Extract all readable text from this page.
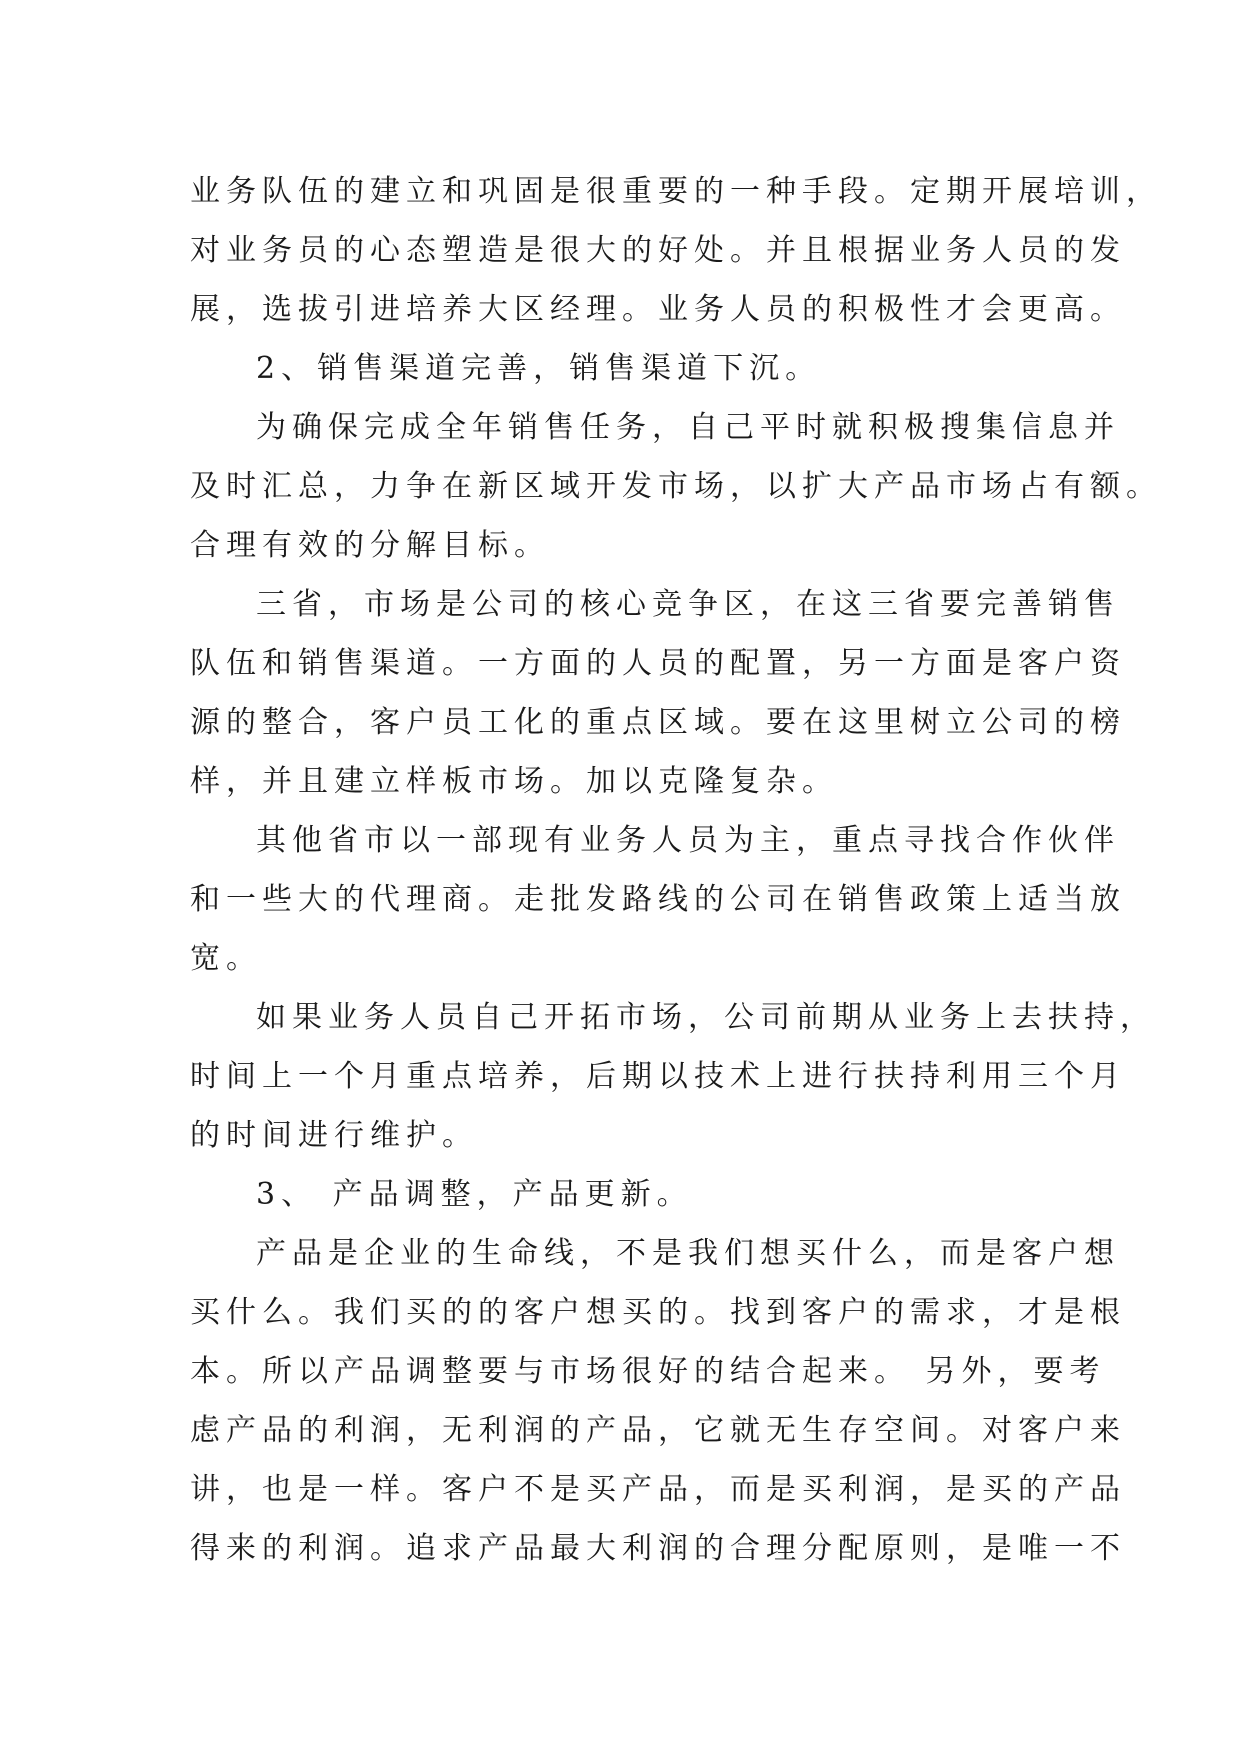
业务队伍的建立和巩固是很重要的一种手段。定期开展培训，
对业务员的心态塑造是很大的好处。并且根据业务人员的发
展，选拔引进培养大区经理。业务人员的积极性才会更高。
2、销售渠道完善，销售渠道下沉。
为确保完成全年销售任务，自己平时就积极搜集信息并
及时汇总，力争在新区域开发市场，以扩大产品市场占有额。
合理有效的分解目标。
三省，市场是公司的核心竞争区，在这三省要完善销售
队伍和销售渠道。一方面的人员的配置，另一方面是客户资
源的整合，客户员工化的重点区域。要在这里树立公司的榜
样，并且建立样板市场。加以克隆复杂。
其他省市以一部现有业务人员为主，重点寻找合作伙伴
和一些大的代理商。走批发路线的公司在销售政策上适当放
宽。
如果业务人员自己开拓市场，公司前期从业务上去扶持，
时间上一个月重点培养，后期以技术上进行扶持利用三个月
的时间进行维护。
3、 产品调整，产品更新。
产品是企业的生命线，不是我们想买什么，而是客户想
买什么。我们买的的客户想买的。找到客户的需求，才是根
本。所以产品调整要与市场很好的结合起来。 另外，要考
虑产品的利润，无利润的产品，它就无生存空间。对客户来
讲，也是一样。客户不是买产品，而是买利润，是买的产品
得来的利润。追求产品最大利润的合理分配原则，是唯一不
